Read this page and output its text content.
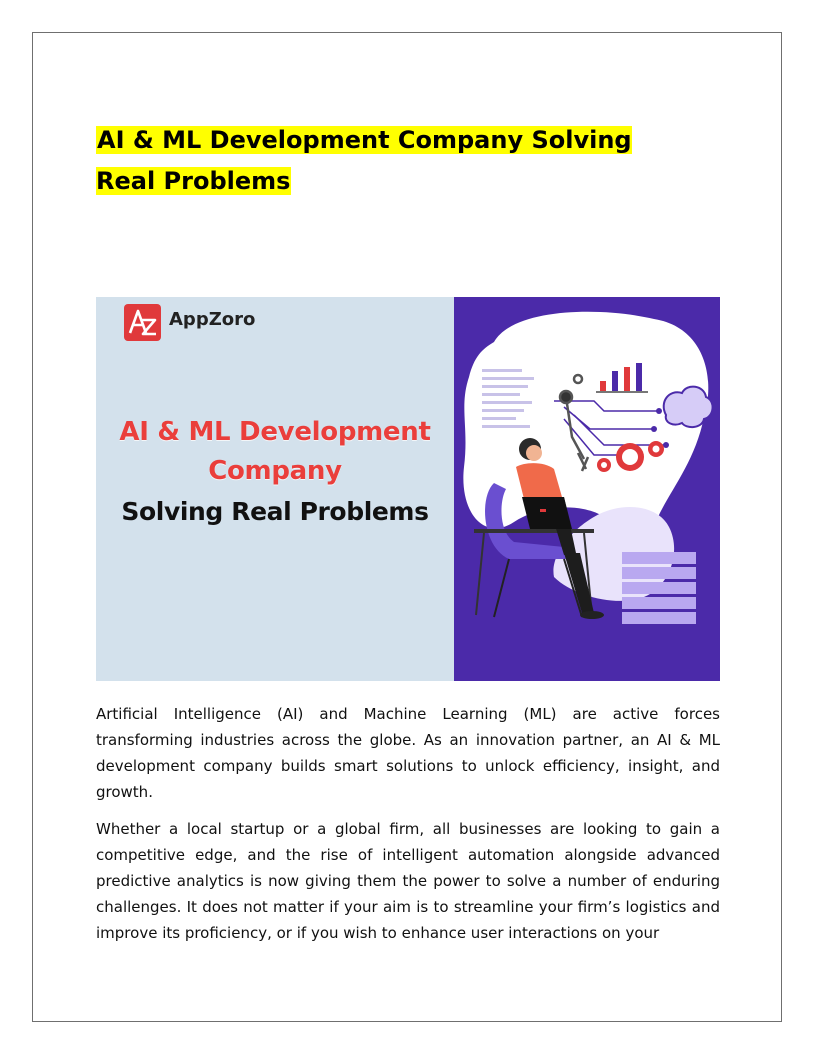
AI & ML Development Company Solving Real Problems
AppZoro
AI & ML Development
Company
Solving Real Problems

Artificial Intelligence (AI) and Machine Learning (ML) are active forces transforming industries across the globe. As an innovation partner, an AI & ML development company builds smart solutions to unlock efficiency, insight, and growth.

Whether a local startup or a global firm, all businesses are looking to gain a competitive edge, and the rise of intelligent automation alongside advanced predictive analytics is now giving them the power to solve a number of enduring challenges. It does not matter if your aim is to streamline your firm’s logistics and improve its proficiency, or if you wish to enhance user interactions on your
